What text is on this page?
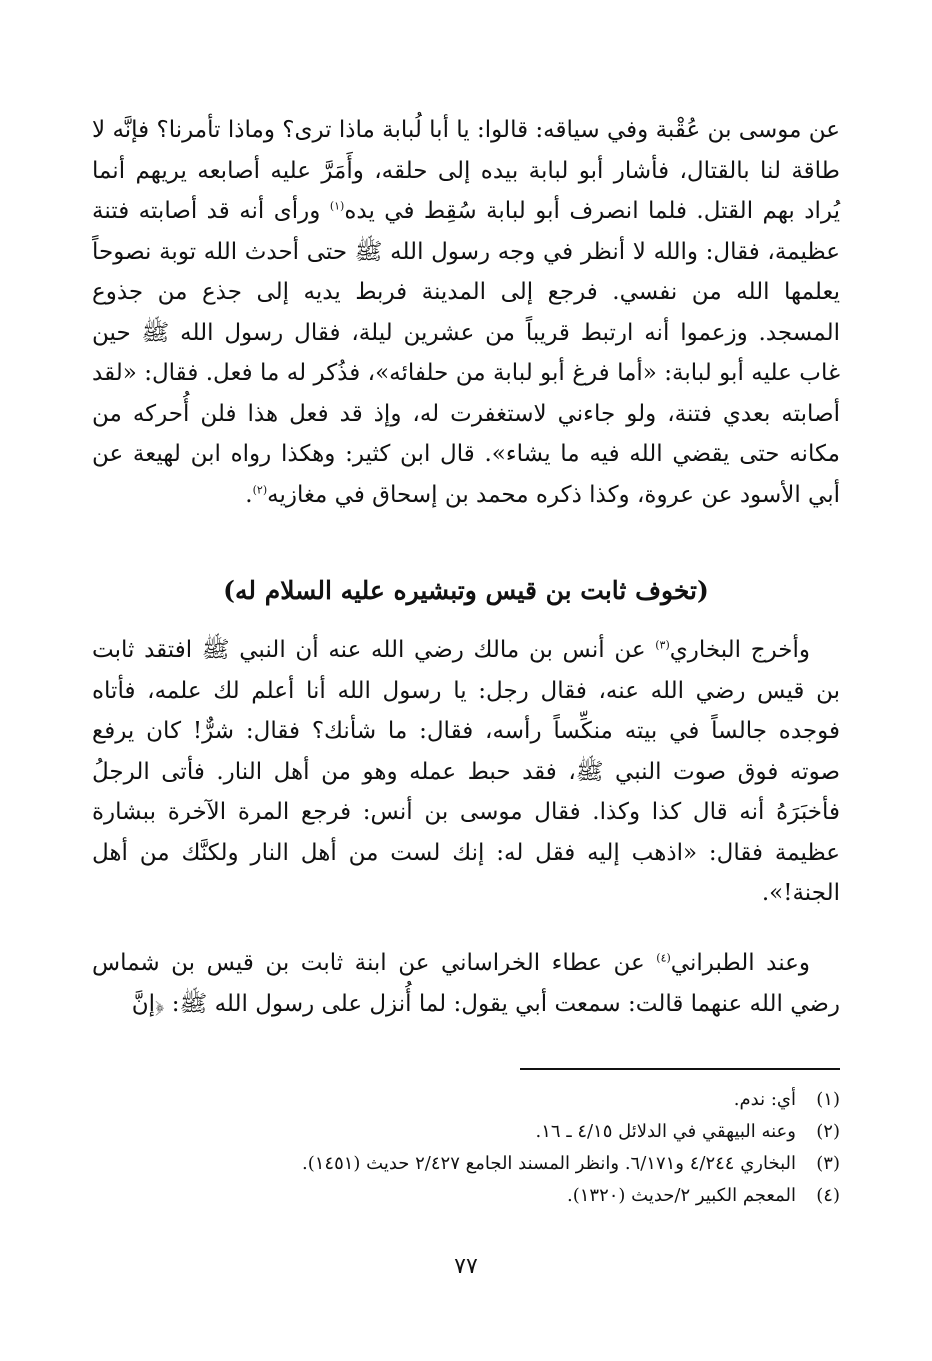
عن موسى بن عُقْبة وفي سياقه: قالوا: يا أبا لُبابة ماذا ترى؟ وماذا تأمرنا؟ فإنَّه لا طاقة لنا بالقتال، فأشار أبو لبابة بيده إلى حلقه، وأَمَرَّ عليه أصابعه يريهم أنما يُراد بهم القتل. فلما انصرف أبو لبابة سُقِط في يده$^{(١)}$ ورأى أنه قد أصابته فتنة عظيمة، فقال: والله لا أنظر في وجه رسول الله ﷺ حتى أحدث الله توبة نصوحاً يعلمها الله من نفسي. فرجع إلى المدينة فربط يديه إلى جذع من جذوع المسجد. وزعموا أنه ارتبط قريباً من عشرين ليلة، فقال رسول الله ﷺ حين غاب عليه أبو لبابة: «أما فرغ أبو لبابة من حلفائه»، فذُكر له ما فعل. فقال: «لقد أصابته بعدي فتنة، ولو جاءني لاستغفرت له، وإذ قد فعل هذا فلن أُحركه من مكانه حتى يقضي الله فيه ما يشاء». قال ابن كثير: وهكذا رواه ابن لهيعة عن أبي الأسود عن عروة، وكذا ذكره محمد بن إسحاق في مغازيه$^{(٢)}$.

(تخوف ثابت بن قيس وتبشيره عليه السلام له)

وأخرج البخاري$^{(٣)}$ عن أنس بن مالك رضي الله عنه أن النبي ﷺ افتقد ثابت بن قيس رضي الله عنه، فقال رجل: يا رسول الله أنا أعلم لك علمه، فأتاه فوجده جالساً في بيته منكِّساً رأسه، فقال: ما شأنك؟ فقال: شرٌّ! كان يرفع صوته فوق صوت النبي ﷺ، فقد حبط عمله وهو من أهل النار. فأتى الرجلُ فأخبَرَهُ أنه قال كذا وكذا. فقال موسى بن أنس: فرجع المرة الآخرة ببشارة عظيمة فقال: «اذهب إليه فقل له: إنك لست من أهل النار ولكنَّك من أهل الجنة!».

وعند الطبراني$^{(٤)}$ عن عطاء الخراساني عن ابنة ثابت بن قيس بن شماس رضي الله عنهما قالت: سمعت أبي يقول: لما أُنزل على رسول الله ﷺ: ﴿إنَّ

(١)
أي: ندم.
(٢)
وعنه البيهقي في الدلائل ٤/١٥ ـ ١٦.
(٣)
البخاري ٤/٢٤٤ و٦/١٧١. وانظر المسند الجامع ٢/٤٢٧ حديث (١٤٥١).
(٤)
المعجم الكبير ٢/حديث (١٣٢٠).
٧٧
